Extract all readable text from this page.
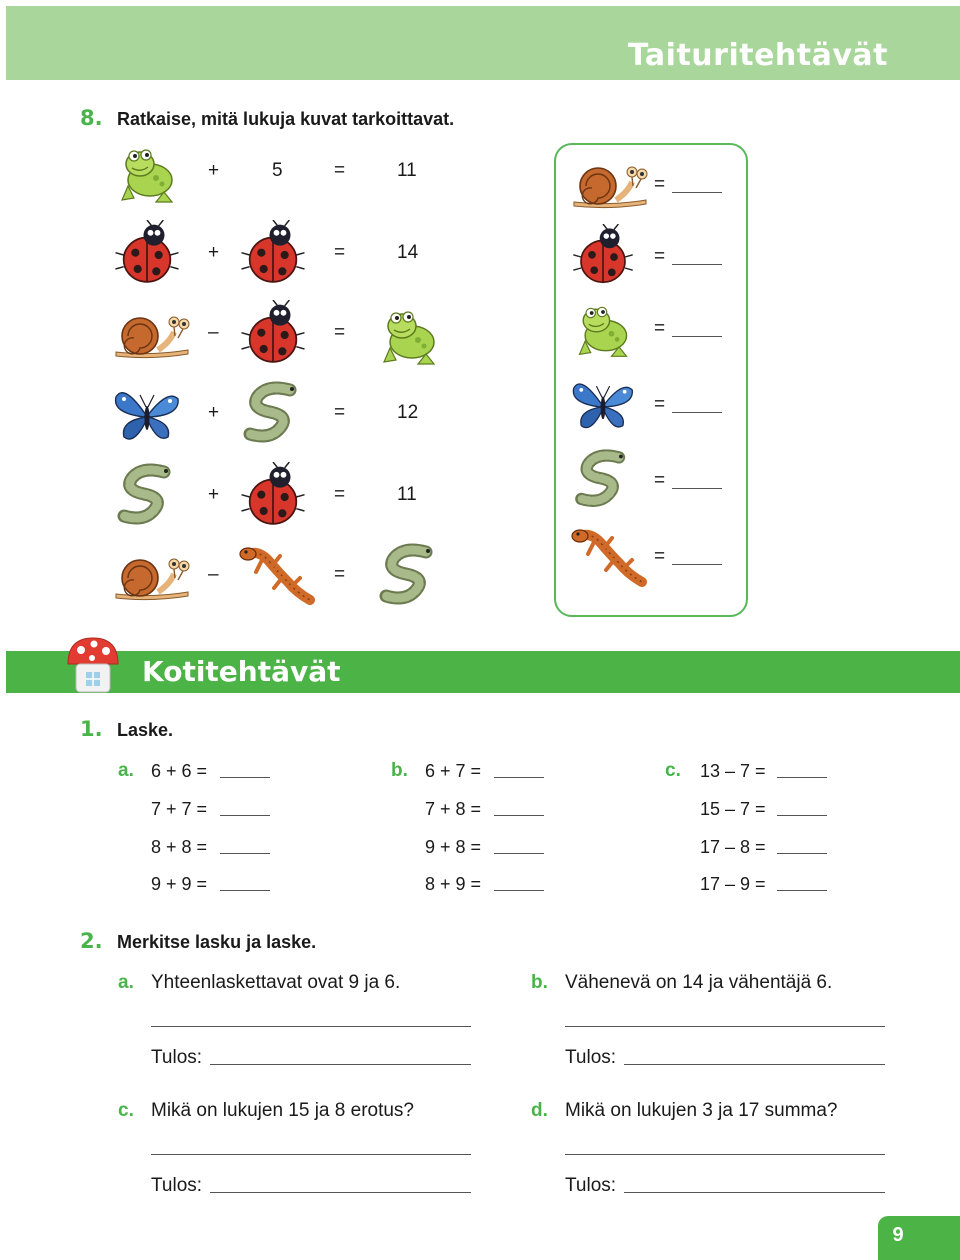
Taituritehtävät
8. Ratkaise, mitä lukuja kuvat tarkoittavat.
+	5	=	11
+	=	14
–	=
+	=	12
+	=	11
–	=
=
=
=
=
=
=
Kotitehtävät
1. Laske.
a. 6 + 6 =
7 + 7 =
8 + 8 =
9 + 9 =
b. 6 + 7 =
7 + 8 =
9 + 8 =
8 + 9 =
c. 13 – 7 =
15 – 7 =
17 – 8 =
17 – 9 =
2. Merkitse lasku ja laske.
a. Yhteenlaskettavat ovat 9 ja 6.
Tulos:
b. Vähenevä on 14 ja vähentäjä 6.
Tulos:
c. Mikä on lukujen 15 ja 8 erotus?
Tulos:
d. Mikä on lukujen 3 ja 17 summa?
Tulos:
9
